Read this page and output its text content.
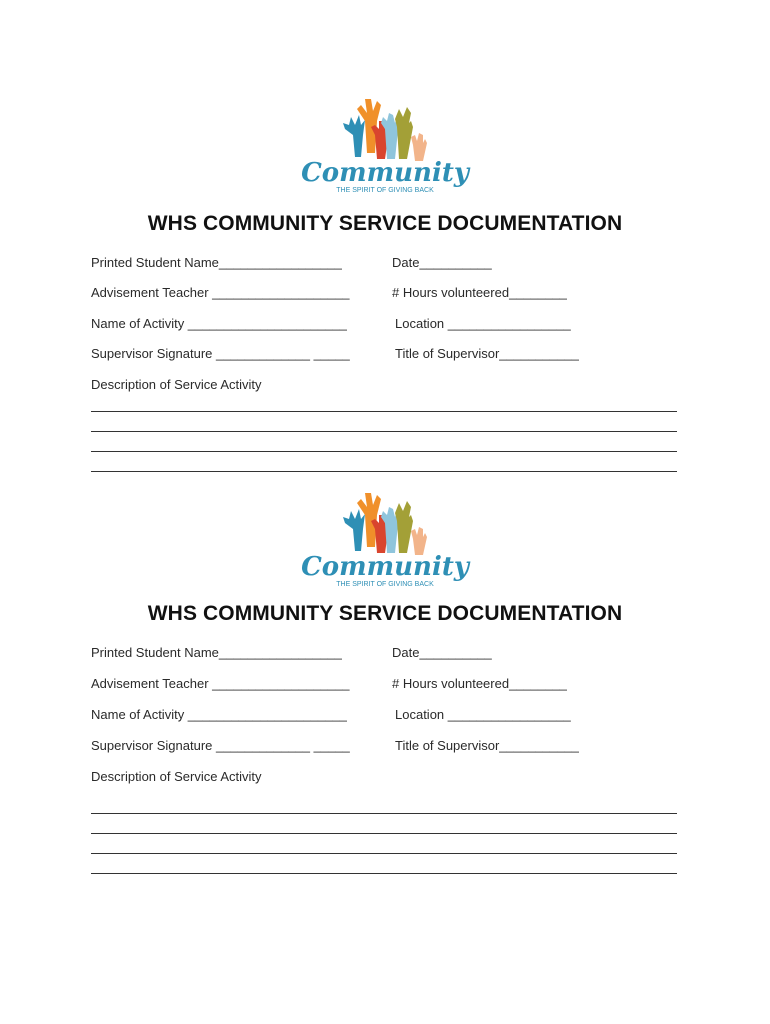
Community
THE SPIRIT OF GIVING BACK
WHS COMMUNITY SERVICE DOCUMENTATION
Printed Student Name_________________	Date__________
Advisement Teacher ___________________	# Hours volunteered________
Name of Activity ______________________	Location _________________
Supervisor Signature _____________ _____	Title of Supervisor___________
Description of Service Activity
Community
THE SPIRIT OF GIVING BACK
WHS COMMUNITY SERVICE DOCUMENTATION
Printed Student Name_________________	Date__________
Advisement Teacher ___________________	# Hours volunteered________
Name of Activity ______________________	Location _________________
Supervisor Signature _____________ _____	Title of Supervisor___________
Description of Service Activity
